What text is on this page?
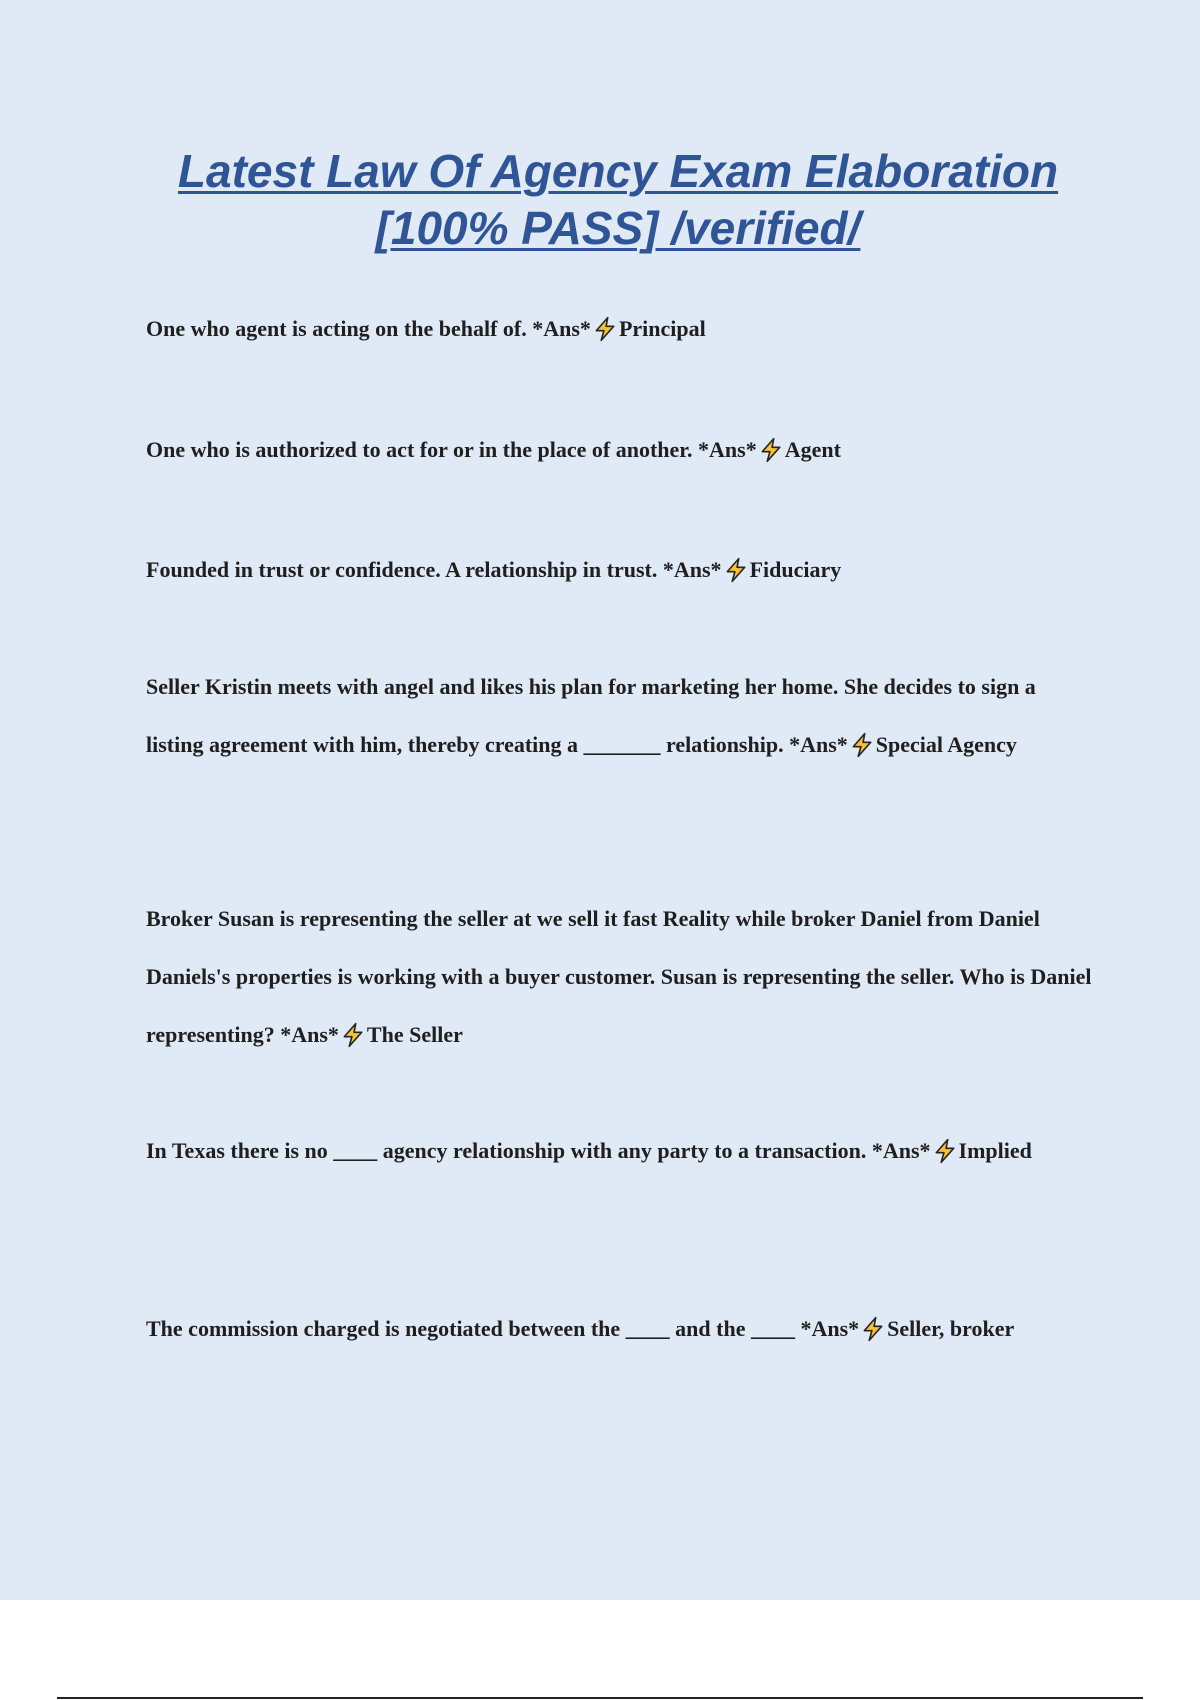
Latest Law Of Agency Exam Elaboration
[100% PASS] /verified/

One who agent is acting on the behalf of. *Ans* Principal

One who is authorized to act for or in the place of another. *Ans* Agent

Founded in trust or confidence. A relationship in trust. *Ans* Fiduciary

Seller Kristin meets with angel and likes his plan for marketing her home. She decides to sign a listing agreement with him, thereby creating a _______ relationship. *Ans* Special Agency

Broker Susan is representing the seller at we sell it fast Reality while broker Daniel from Daniel Daniels's properties is working with a buyer customer. Susan is representing the seller. Who is Daniel representing? *Ans* The Seller

In Texas there is no ____ agency relationship with any party to a transaction. *Ans* Implied

The commission charged is negotiated between the ____ and the ____ *Ans* Seller, broker
